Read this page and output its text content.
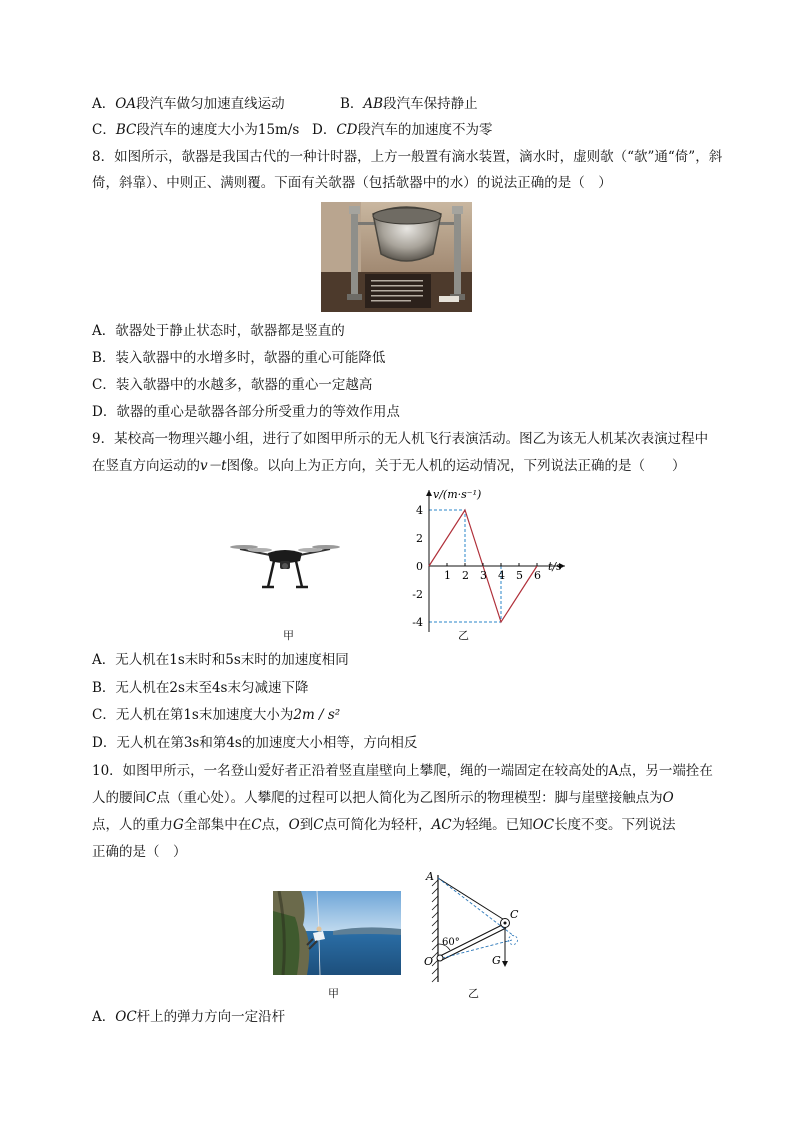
A．OA段汽车做匀加速直线运动	B．AB段汽车保持静止
C．BC段汽车的速度大小为15m/s D．CD段汽车的加速度不为零
8．如图所示，欹器是我国古代的一种计时器，上方一般置有滴水装置，滴水时，虚则欹（“欹”通“倚”，斜
倚，斜靠）、中则正、满则覆。下面有关欹器（包括欹器中的水）的说法正确的是（　）
A．欹器处于静止状态时，欹器都是竖直的
B．装入欹器中的水增多时，欹器的重心可能降低
C．装入欹器中的水越多，欹器的重心一定越高
D．欹器的重心是欹器各部分所受重力的等效作用点
9．某校高一物理兴趣小组，进行了如图甲所示的无人机飞行表演活动。图乙为该无人机某次表演过程中
在竖直方向运动的v－t图像。以向上为正方向，关于无人机的运动情况，下列说法正确的是（　　）
甲
1 2 3 4 5 6
4
2
0
-2
-4
v/(m·s⁻¹)
t/s
乙
A．无人机在1s末时和5s末时的加速度相同
B．无人机在2s末至4s末匀减速下降
C．无人机在第1s末加速度大小为2m / s²
D．无人机在第3s和第4s的加速度大小相等，方向相反
10．如图甲所示，一名登山爱好者正沿着竖直崖壁向上攀爬，绳的一端固定在较高处的A点，另一端拴在
人的腰间C点（重心处）。人攀爬的过程可以把人简化为乙图所示的物理模型：脚与崖壁接触点为O
点，人的重力G全部集中在C点，O到C点可简化为轻杆，AC为轻绳。已知OC长度不变。下列说法
正确的是（　）
甲
A
C
O	G
60°
乙
A．OC杆上的弹力方向一定沿杆
